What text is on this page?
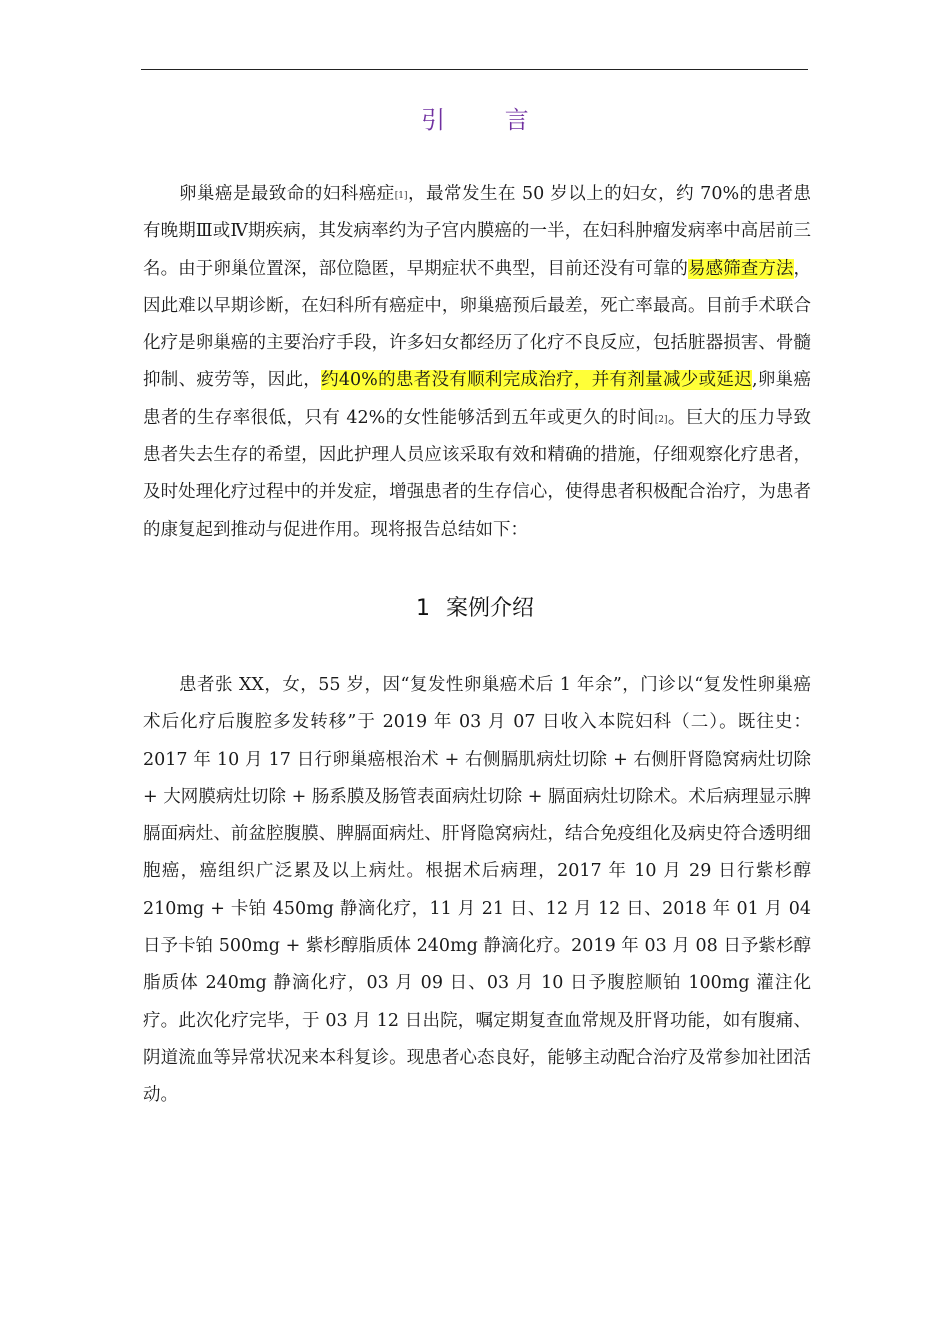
引 言

卵巢癌是最致命的妇科癌症[1]，最常发生在 50 岁以上的妇女，约 70%的患者患有晚期Ⅲ或Ⅳ期疾病，其发病率约为子宫内膜癌的一半，在妇科肿瘤发病率中高居前三名。由于卵巢位置深，部位隐匿，早期症状不典型，目前还没有可靠的易感筛查方法，因此难以早期诊断，在妇科所有癌症中，卵巢癌预后最差，死亡率最高。目前手术联合化疗是卵巢癌的主要治疗手段，许多妇女都经历了化疗不良反应，包括脏器损害、骨髓抑制、疲劳等，因此，约40%的患者没有顺利完成治疗，并有剂量减少或延迟,卵巢癌患者的生存率很低，只有 42%的女性能够活到五年或更久的时间[2]。巨大的压力导致患者失去生存的希望，因此护理人员应该采取有效和精确的措施，仔细观察化疗患者，及时处理化疗过程中的并发症，增强患者的生存信心，使得患者积极配合治疗，为患者的康复起到推动与促进作用。现将报告总结如下：

1 案例介绍

患者张 XX，女，55 岁，因“复发性卵巢癌术后 1 年余”，门诊以“复发性卵巢癌术后化疗后腹腔多发转移”于 2019 年 03 月 07 日收入本院妇科（二）。既往史：2017 年 10 月 17 日行卵巢癌根治术 + 右侧膈肌病灶切除 + 右侧肝肾隐窝病灶切除 + 大网膜病灶切除 + 肠系膜及肠管表面病灶切除 + 膈面病灶切除术。术后病理显示脾膈面病灶、前盆腔腹膜、脾膈面病灶、肝肾隐窝病灶，结合免疫组化及病史符合透明细胞癌，癌组织广泛累及以上病灶。根据术后病理，2017 年 10 月 29 日行紫杉醇 210mg + 卡铂 450mg 静滴化疗，11 月 21 日、12 月 12 日、2018 年 01 月 04 日予卡铂 500mg + 紫杉醇脂质体 240mg 静滴化疗。2019 年 03 月 08 日予紫杉醇脂质体 240mg 静滴化疗，03 月 09 日、03 月 10 日予腹腔顺铂 100mg 灌注化疗。此次化疗完毕，于 03 月 12 日出院，嘱定期复查血常规及肝肾功能，如有腹痛、阴道流血等异常状况来本科复诊。现患者心态良好，能够主动配合治疗及常参加社团活动。
